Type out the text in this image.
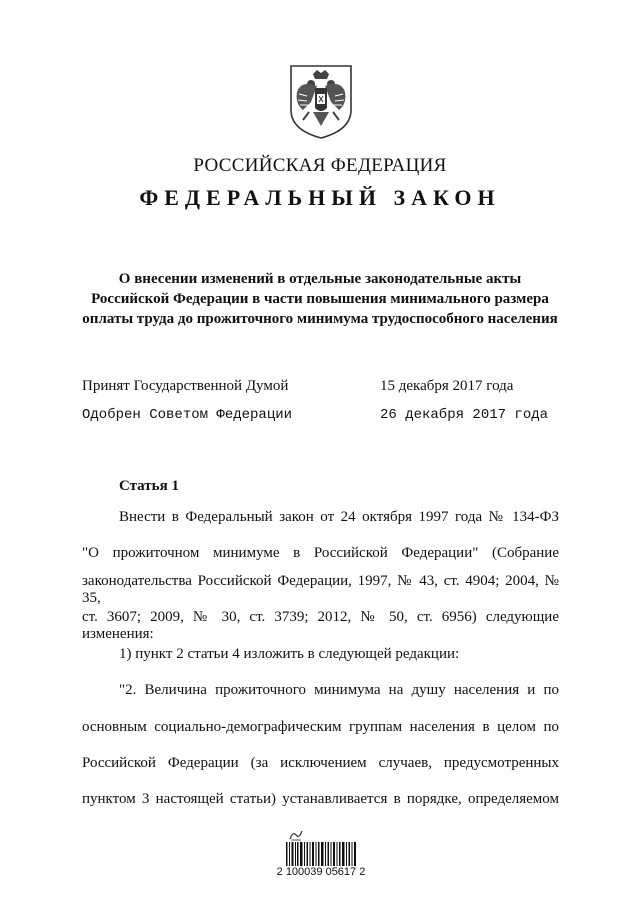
РОССИЙСКАЯ ФЕДЕРАЦИЯ
ФЕДЕРАЛЬНЫЙ ЗАКОН
О внесении изменений в отдельные законодательные акты
Российской Федерации в части повышения минимального размера
оплаты труда до прожиточного минимума трудоспособного населения
Принят Государственной Думой	15 декабря 2017 года
Одобрен Советом Федерации	26 декабря 2017 года
Статья 1
Внести в Федеральный закон от 24 октября 1997 года № 134-ФЗ
"О прожиточном минимуме в Российской Федерации" (Собрание
законодательства Российской Федерации, 1997, № 43, ст. 4904; 2004, № 35,
ст. 3607; 2009, № 30, ст. 3739; 2012, № 50, ст. 6956) следующие изменения:
1) пункт 2 статьи 4 изложить в следующей редакции:
"2. Величина прожиточного минимума на душу населения и по
основным социально-демографическим группам населения в целом по
Российской Федерации (за исключением случаев, предусмотренных
пунктом 3 настоящей статьи) устанавливается в порядке, определяемом
2 100039 05617 2
